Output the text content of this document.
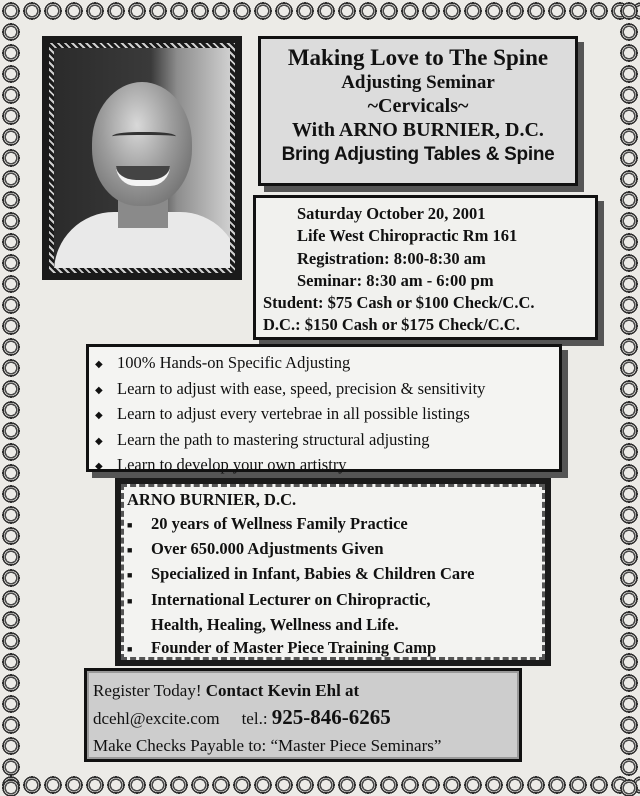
Making Love to The Spine
Adjusting Seminar
~Cervicals~
With ARNO BURNIER, D.C.
Bring Adjusting Tables & Spine
Saturday October 20, 2001
Life West Chiropractic Rm 161
Registration: 8:00-8:30 am
Seminar: 8:30 am - 6:00 pm
Student: $75 Cash or $100 Check/C.C.
D.C.: $150 Cash or $175 Check/C.C.
◆ 100% Hands-on Specific Adjusting
◆ Learn to adjust with ease, speed, precision & sensitivity
◆ Learn to adjust every vertebrae in all possible listings
◆ Learn the path to mastering structural adjusting
◆ Learn to develop your own artistry
ARNO BURNIER, D.C.
■ 20 years of Wellness Family Practice
■ Over 650.000 Adjustments Given
■ Specialized in Infant, Babies & Children Care
■ International Lecturer on Chiropractic,
Health, Healing, Wellness and Life.
■ Founder of Master Piece Training Camp
Register Today! Contact Kevin Ehl at
dcehl@excite.com tel.: 925-846-6265
Make Checks Payable to: “Master Piece Seminars”
